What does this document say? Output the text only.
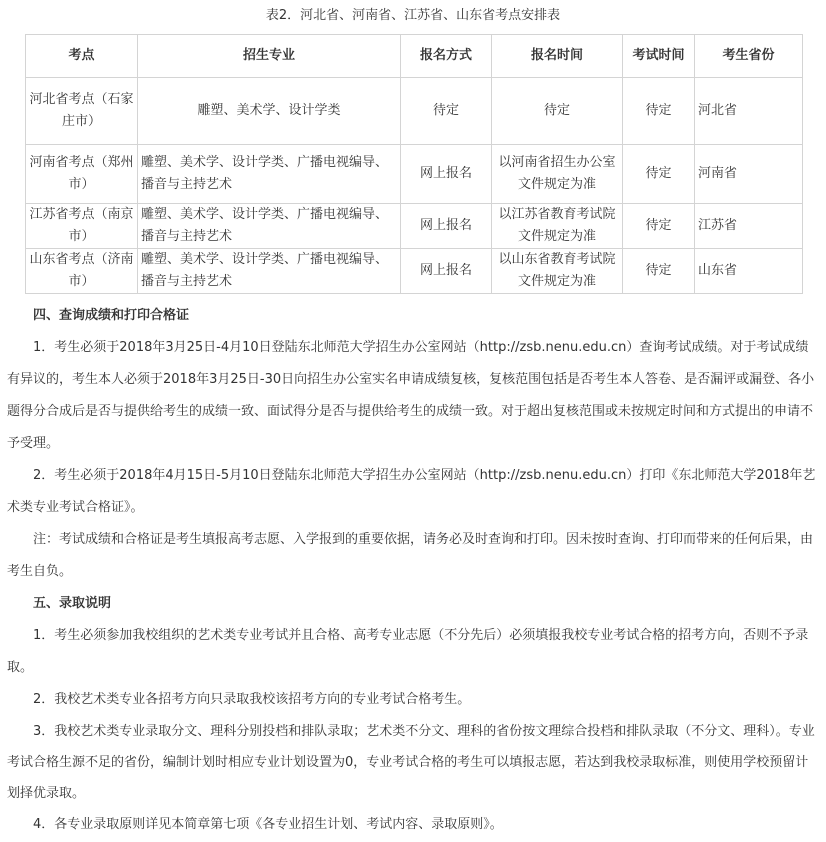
表2．河北省、河南省、江苏省、山东省考点安排表
考点	招生专业	报名方式	报名时间	考试时间	考生省份
河北省考点（石家庄市）	雕塑、美术学、设计学类	待定	待定	待定	河北省
河南省考点（郑州市）	雕塑、美术学、设计学类、广播电视编导、播音与主持艺术	网上报名	以河南省招生办公室文件规定为准	待定	河南省
江苏省考点（南京市）	雕塑、美术学、设计学类、广播电视编导、播音与主持艺术	网上报名	以江苏省教育考试院文件规定为准	待定	江苏省
山东省考点（济南市）	雕塑、美术学、设计学类、广播电视编导、播音与主持艺术	网上报名	以山东省教育考试院文件规定为准	待定	山东省

四、查询成绩和打印合格证

1．考生必须于2018年3月25日-4月10日登陆东北师范大学招生办公室网站（http://zsb.nenu.edu.cn）查询考试成绩。对于考试成绩有异议的，考生本人必须于2018年3月25日-30日向招生办公室实名申请成绩复核，复核范围包括是否考生本人答卷、是否漏评或漏登、各小题得分合成后是否与提供给考生的成绩一致、面试得分是否与提供给考生的成绩一致。对于超出复核范围或未按规定时间和方式提出的申请不予受理。

2．考生必须于2018年4月15日-5月10日登陆东北师范大学招生办公室网站（http://zsb.nenu.edu.cn）打印《东北师范大学2018年艺术类专业考试合格证》。

注：考试成绩和合格证是考生填报高考志愿、入学报到的重要依据，请务必及时查询和打印。因未按时查询、打印而带来的任何后果，由考生自负。

五、录取说明

1．考生必须参加我校组织的艺术类专业考试并且合格、高考专业志愿（不分先后）必须填报我校专业考试合格的招考方向，否则不予录取。

2．我校艺术类专业各招考方向只录取我校该招考方向的专业考试合格考生。

3．我校艺术类专业录取分文、理科分别投档和排队录取；艺术类不分文、理科的省份按文理综合投档和排队录取（不分文、理科）。专业考试合格生源不足的省份，编制计划时相应专业计划设置为0，专业考试合格的考生可以填报志愿，若达到我校录取标准，则使用学校预留计划择优录取。

4．各专业录取原则详见本简章第七项《各专业招生计划、考试内容、录取原则》。
